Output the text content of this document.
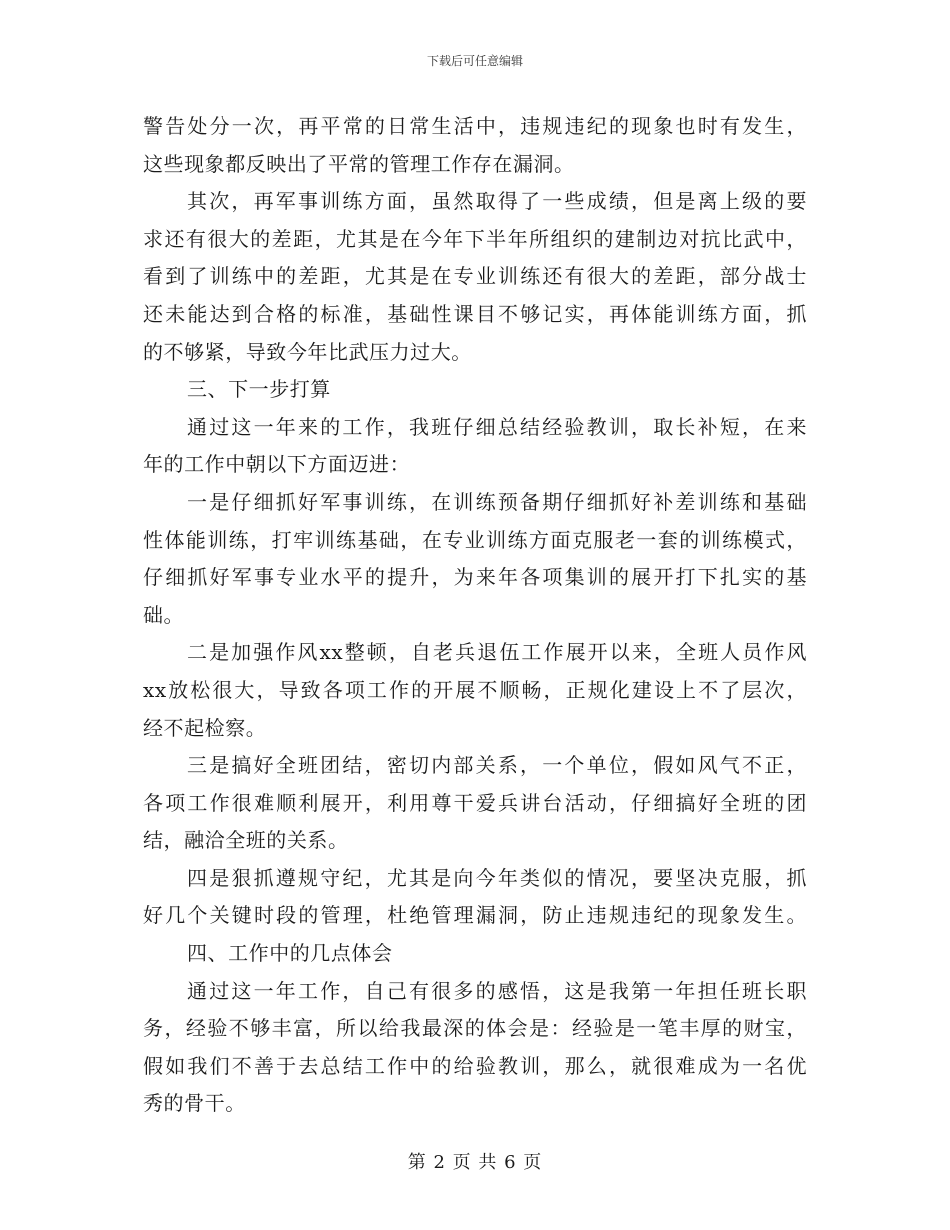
下载后可任意编辑
警告处分一次，再平常的日常生活中，违规违纪的现象也时有发生，
这些现象都反映出了平常的管理工作存在漏洞。
其次，再军事训练方面，虽然取得了一些成绩，但是离上级的要
求还有很大的差距，尤其是在今年下半年所组织的建制边对抗比武中，
看到了训练中的差距，尤其是在专业训练还有很大的差距，部分战士
还未能达到合格的标准，基础性课目不够记实，再体能训练方面，抓
的不够紧，导致今年比武压力过大。
三、下一步打算
通过这一年来的工作，我班仔细总结经验教训，取长补短，在来
年的工作中朝以下方面迈进：
一是仔细抓好军事训练，在训练预备期仔细抓好补差训练和基础
性体能训练，打牢训练基础，在专业训练方面克服老一套的训练模式，
仔细抓好军事专业水平的提升，为来年各项集训的展开打下扎实的基
础。
二是加强作风xx整顿，自老兵退伍工作展开以来，全班人员作风
xx放松很大，导致各项工作的开展不顺畅，正规化建设上不了层次，
经不起检察。
三是搞好全班团结，密切内部关系，一个单位，假如风气不正，
各项工作很难顺利展开，利用尊干爱兵讲台活动，仔细搞好全班的团
结，融洽全班的关系。
四是狠抓遵规守纪，尤其是向今年类似的情况，要坚决克服，抓
好几个关键时段的管理，杜绝管理漏洞，防止违规违纪的现象发生。
四、工作中的几点体会
通过这一年工作，自己有很多的感悟，这是我第一年担任班长职
务，经验不够丰富，所以给我最深的体会是：经验是一笔丰厚的财宝，
假如我们不善于去总结工作中的给验教训，那么，就很难成为一名优
秀的骨干。
第 2 页 共 6 页
